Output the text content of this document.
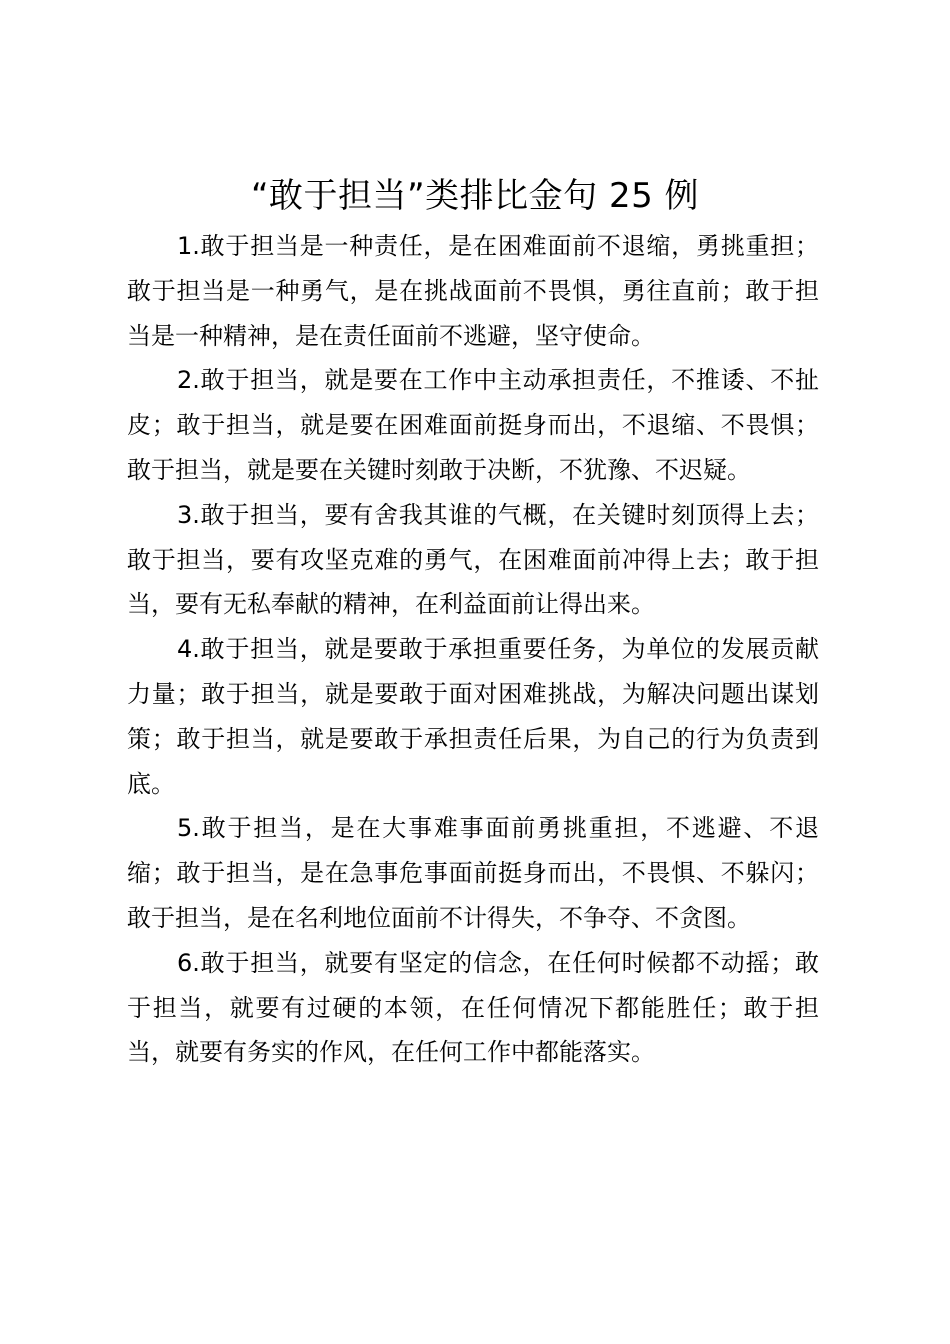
“敢于担当”类排比金句 25 例

1.敢于担当是一种责任，是在困难面前不退缩，勇挑重担；敢于担当是一种勇气，是在挑战面前不畏惧，勇往直前；敢于担当是一种精神，是在责任面前不逃避，坚守使命。

2.敢于担当，就是要在工作中主动承担责任，不推诿、不扯皮；敢于担当，就是要在困难面前挺身而出，不退缩、不畏惧；敢于担当，就是要在关键时刻敢于决断，不犹豫、不迟疑。

3.敢于担当，要有舍我其谁的气概，在关键时刻顶得上去；敢于担当，要有攻坚克难的勇气，在困难面前冲得上去；敢于担当，要有无私奉献的精神，在利益面前让得出来。

4.敢于担当，就是要敢于承担重要任务，为单位的发展贡献力量；敢于担当，就是要敢于面对困难挑战，为解决问题出谋划策；敢于担当，就是要敢于承担责任后果，为自己的行为负责到底。

5.敢于担当，是在大事难事面前勇挑重担，不逃避、不退缩；敢于担当，是在急事危事面前挺身而出，不畏惧、不躲闪；敢于担当，是在名利地位面前不计得失，不争夺、不贪图。

6.敢于担当，就要有坚定的信念，在任何时候都不动摇；敢于担当，就要有过硬的本领，在任何情况下都能胜任；敢于担当，就要有务实的作风，在任何工作中都能落实。
